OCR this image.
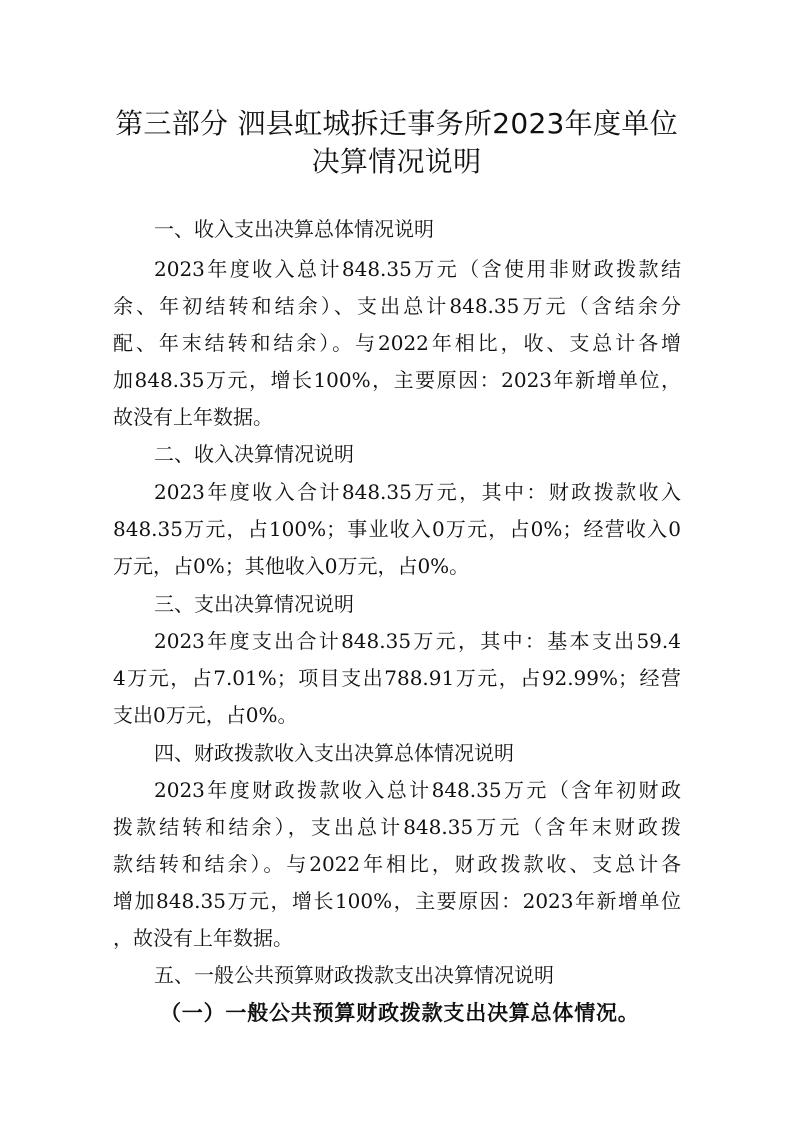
第三部分 泗县虹城拆迁事务所2023年度单位
决算情况说明
一、收入支出决算总体情况说明
2023年度收入总计848.35万元（含使用非财政拨款结
余、年初结转和结余）、支出总计848.35万元（含结余分
配、年末结转和结余）。与2022年相比，收、支总计各增
加848.35万元，增长100%，主要原因：2023年新增单位，
故没有上年数据。
二、收入决算情况说明
2023年度收入合计848.35万元，其中：财政拨款收入
848.35万元，占100%；事业收入0万元，占0%；经营收入0
万元，占0%；其他收入0万元，占0%。
三、支出决算情况说明
2023年度支出合计848.35万元，其中：基本支出59.4
4万元，占7.01%；项目支出788.91万元，占92.99%；经营
支出0万元，占0%。
四、财政拨款收入支出决算总体情况说明
2023年度财政拨款收入总计848.35万元（含年初财政
拨款结转和结余），支出总计848.35万元（含年末财政拨
款结转和结余）。与2022年相比，财政拨款收、支总计各
增加848.35万元，增长100%，主要原因：2023年新增单位
，故没有上年数据。
五、一般公共预算财政拨款支出决算情况说明
（一）一般公共预算财政拨款支出决算总体情况。
